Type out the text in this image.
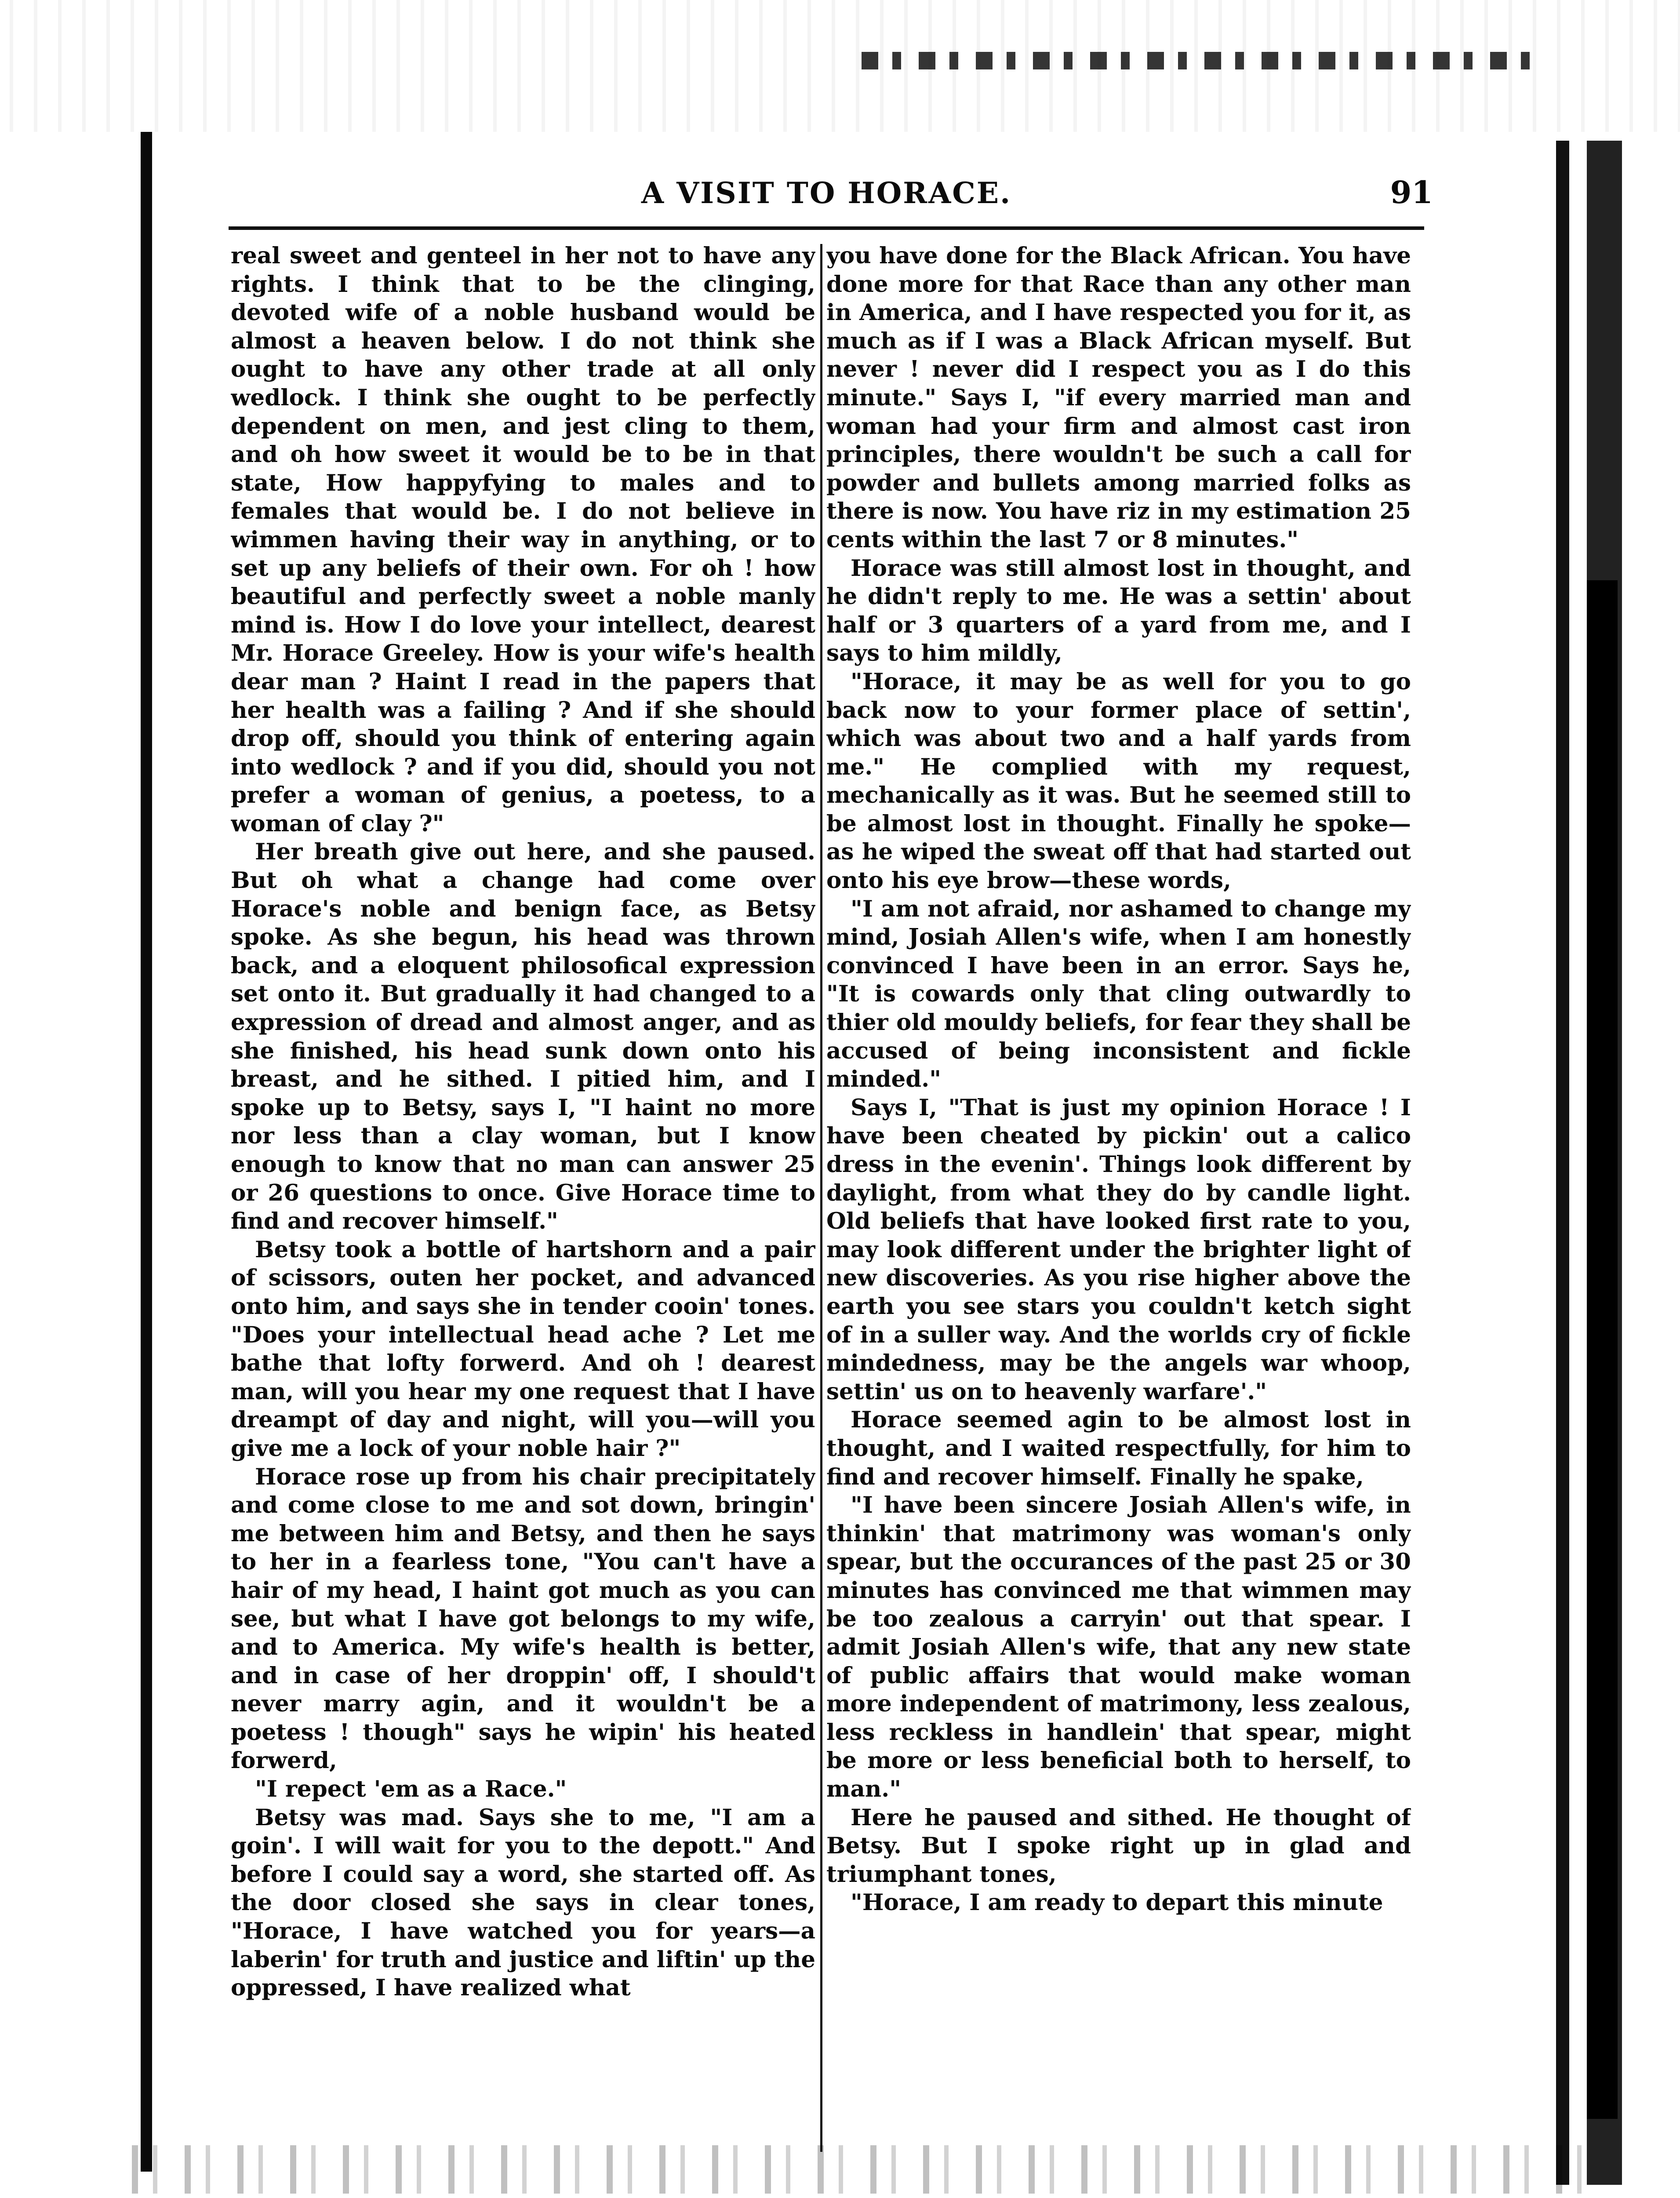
A VISIT TO HORACE.	91

real sweet and genteel in her not to have any rights. I think that to be the clinging, devoted wife of a noble husband would be almost a heaven below. I do not think she ought to have any other trade at all only wedlock. I think she ought to be perfectly dependent on men, and jest cling to them, and oh how sweet it would be to be in that state, How happyfying to males and to females that would be. I do not believe in wimmen having their way in anything, or to set up any beliefs of their own. For oh ! how beautiful and perfectly sweet a noble manly mind is. How I do love your intellect, dearest Mr. Horace Greeley. How is your wife's health dear man ? Haint I read in the papers that her health was a failing ? And if she should drop off, should you think of entering again into wedlock ? and if you did, should you not prefer a woman of genius, a poetess, to a woman of clay ?"

Her breath give out here, and she paused. But oh what a change had come over Horace's noble and benign face, as Betsy spoke. As she begun, his head was thrown back, and a eloquent philosofical expression set onto it. But gradually it had changed to a expression of dread and almost anger, and as she finished, his head sunk down onto his breast, and he sithed. I pitied him, and I spoke up to Betsy, says I, "I haint no more nor less than a clay woman, but I know enough to know that no man can answer 25 or 26 questions to once. Give Horace time to find and recover himself."

Betsy took a bottle of hartshorn and a pair of scissors, outen her pocket, and advanced onto him, and says she in tender cooin' tones. "Does your intellectual head ache ? Let me bathe that lofty forwerd. And oh ! dearest man, will you hear my one request that I have dreampt of day and night, will you—will you give me a lock of your noble hair ?"

Horace rose up from his chair precipitately and come close to me and sot down, bringin' me between him and Betsy, and then he says to her in a fearless tone, "You can't have a hair of my head, I haint got much as you can see, but what I have got belongs to my wife, and to America. My wife's health is better, and in case of her droppin' off, I should't never marry agin, and it wouldn't be a poetess ! though" says he wipin' his heated forwerd,

"I repect 'em as a Race."

Betsy was mad. Says she to me, "I am a goin'. I will wait for you to the depott." And before I could say a word, she started off. As the door closed she says in clear tones, "Horace, I have watched you for years—a laberin' for truth and justice and liftin' up the oppressed, I have realized what

you have done for the Black African. You have done more for that Race than any other man in America, and I have respected you for it, as much as if I was a Black African myself. But never ! never did I respect you as I do this minute." Says I, "if every married man and woman had your firm and almost cast iron principles, there wouldn't be such a call for powder and bullets among married folks as there is now. You have riz in my estimation 25 cents within the last 7 or 8 minutes."

Horace was still almost lost in thought, and he didn't reply to me. He was a settin' about half or 3 quarters of a yard from me, and I says to him mildly,

"Horace, it may be as well for you to go back now to your former place of settin', which was about two and a half yards from me." He complied with my request, mechanically as it was. But he seemed still to be almost lost in thought. Finally he spoke—as he wiped the sweat off that had started out onto his eye brow—these words,

"I am not afraid, nor ashamed to change my mind, Josiah Allen's wife, when I am honestly convinced I have been in an error. Says he, "It is cowards only that cling outwardly to thier old mouldy beliefs, for fear they shall be accused of being inconsistent and fickle minded."

Says I, "That is just my opinion Horace ! I have been cheated by pickin' out a calico dress in the evenin'. Things look different by daylight, from what they do by candle light. Old beliefs that have looked first rate to you, may look different under the brighter light of new discoveries. As you rise higher above the earth you see stars you couldn't ketch sight of in a suller way. And the worlds cry of fickle mindedness, may be the angels war whoop, settin' us on to heavenly warfare'."

Horace seemed agin to be almost lost in thought, and I waited respectfully, for him to find and recover himself. Finally he spake,

"I have been sincere Josiah Allen's wife, in thinkin' that matrimony was woman's only spear, but the occurances of the past 25 or 30 minutes has convinced me that wimmen may be too zealous a carryin' out that spear. I admit Josiah Allen's wife, that any new state of public affairs that would make woman more independent of matrimony, less zealous, less reckless in handlein' that spear, might be more or less beneficial both to herself, to man."

Here he paused and sithed. He thought of Betsy. But I spoke right up in glad and triumphant tones,

"Horace, I am ready to depart this minute
